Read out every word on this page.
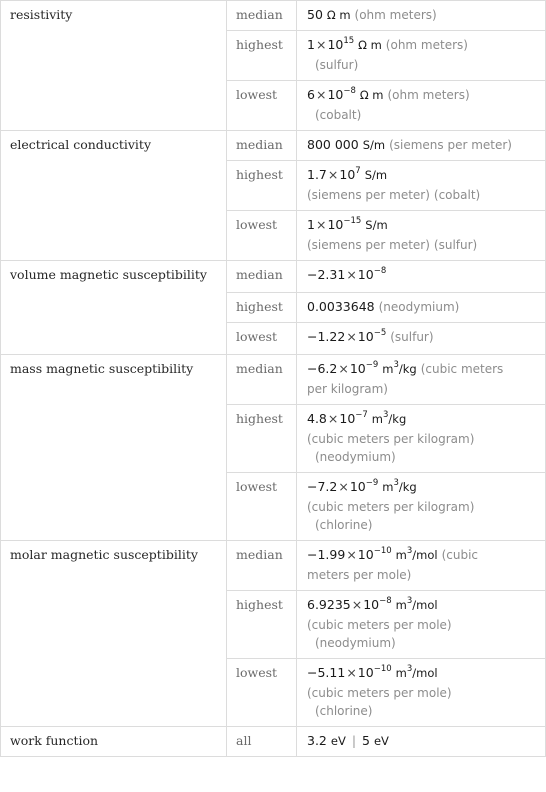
resistivity	median	50 Ω m (ohm meters)
	highest	$1\times 10^{15}$ Ω m (ohm meters)
(sulfur)
	lowest	$6\times 10^{-8}$ Ω m (ohm meters)
(cobalt)
electrical conductivity	median	800 000 S/m (siemens per meter)
	highest	$1.7\times 10^7$ S/m
(siemens per meter) (cobalt)
	lowest	$1\times 10^{-15}$ S/m
(siemens per meter) (sulfur)
volume magnetic susceptibility	median	$-2.31\times 10^{-8}$
	highest	0.0033648 (neodymium)
	lowest	$-1.22\times 10^{-5}$ (sulfur)
mass magnetic susceptibility	median	$-6.2\times 10^{-9}$ $m^3/kg$ (cubic meters
per kilogram)
	highest	$4.8\times 10^{-7}$ $m^3/kg$
(cubic meters per kilogram)
(neodymium)
	lowest	$-7.2\times 10^{-9}$ $m^3/kg$
(cubic meters per kilogram)
(chlorine)
molar magnetic susceptibility	median	$-1.99\times 10^{-10}$ $m^3$/mol (cubic
meters per mole)
	highest	$6.9235\times 10^{-8}$ $m^3$/mol
(cubic meters per mole)
(neodymium)
	lowest	$-5.11\times 10^{-10}$ $m^3$/mol
(cubic meters per mole)
(chlorine)
work function	all	3.2 eV | 5 eV
